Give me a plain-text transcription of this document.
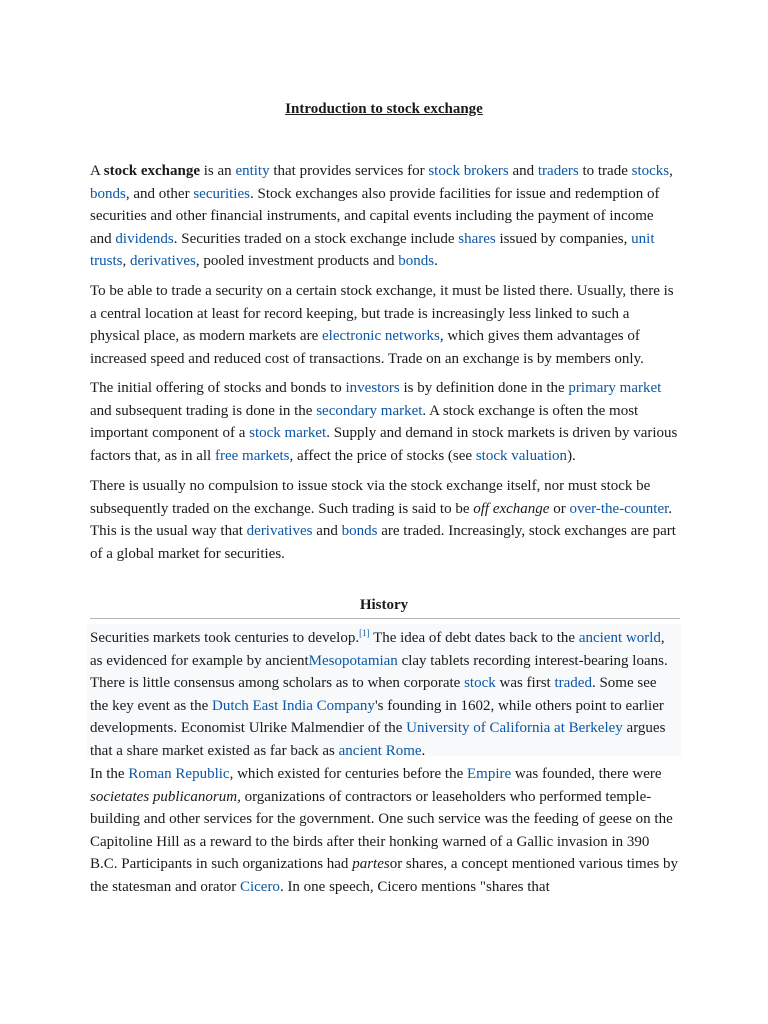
Introduction to stock exchange

A stock exchange is an entity that provides services for stock brokers and traders to trade stocks, bonds, and other securities. Stock exchanges also provide facilities for issue and redemption of securities and other financial instruments, and capital events including the payment of income and dividends. Securities traded on a stock exchange include shares issued by companies, unit trusts, derivatives, pooled investment products and bonds.

To be able to trade a security on a certain stock exchange, it must be listed there. Usually, there is a central location at least for record keeping, but trade is increasingly less linked to such a physical place, as modern markets are electronic networks, which gives them advantages of increased speed and reduced cost of transactions. Trade on an exchange is by members only.

The initial offering of stocks and bonds to investors is by definition done in the primary market and subsequent trading is done in the secondary market. A stock exchange is often the most important component of a stock market. Supply and demand in stock markets is driven by various factors that, as in all free markets, affect the price of stocks (see stock valuation).

There is usually no compulsion to issue stock via the stock exchange itself, nor must stock be subsequently traded on the exchange. Such trading is said to be off exchange or over-the-counter. This is the usual way that derivatives and bonds are traded. Increasingly, stock exchanges are part of a global market for securities.

History

Securities markets took centuries to develop.[1] The idea of debt dates back to the ancient world, as evidenced for example by ancientMesopotamian clay tablets recording interest-bearing loans. There is little consensus among scholars as to when corporate stock was first traded. Some see the key event as the Dutch East India Company's founding in 1602, while others point to earlier developments. Economist Ulrike Malmendier of the University of California at Berkeley argues that a share market existed as far back as ancient Rome.

In the Roman Republic, which existed for centuries before the Empire was founded, there were societates publicanorum, organizations of contractors or leaseholders who performed temple-building and other services for the government. One such service was the feeding of geese on the Capitoline Hill as a reward to the birds after their honking warned of a Gallic invasion in 390 B.C. Participants in such organizations had partesor shares, a concept mentioned various times by the statesman and orator Cicero. In one speech, Cicero mentions "shares that
